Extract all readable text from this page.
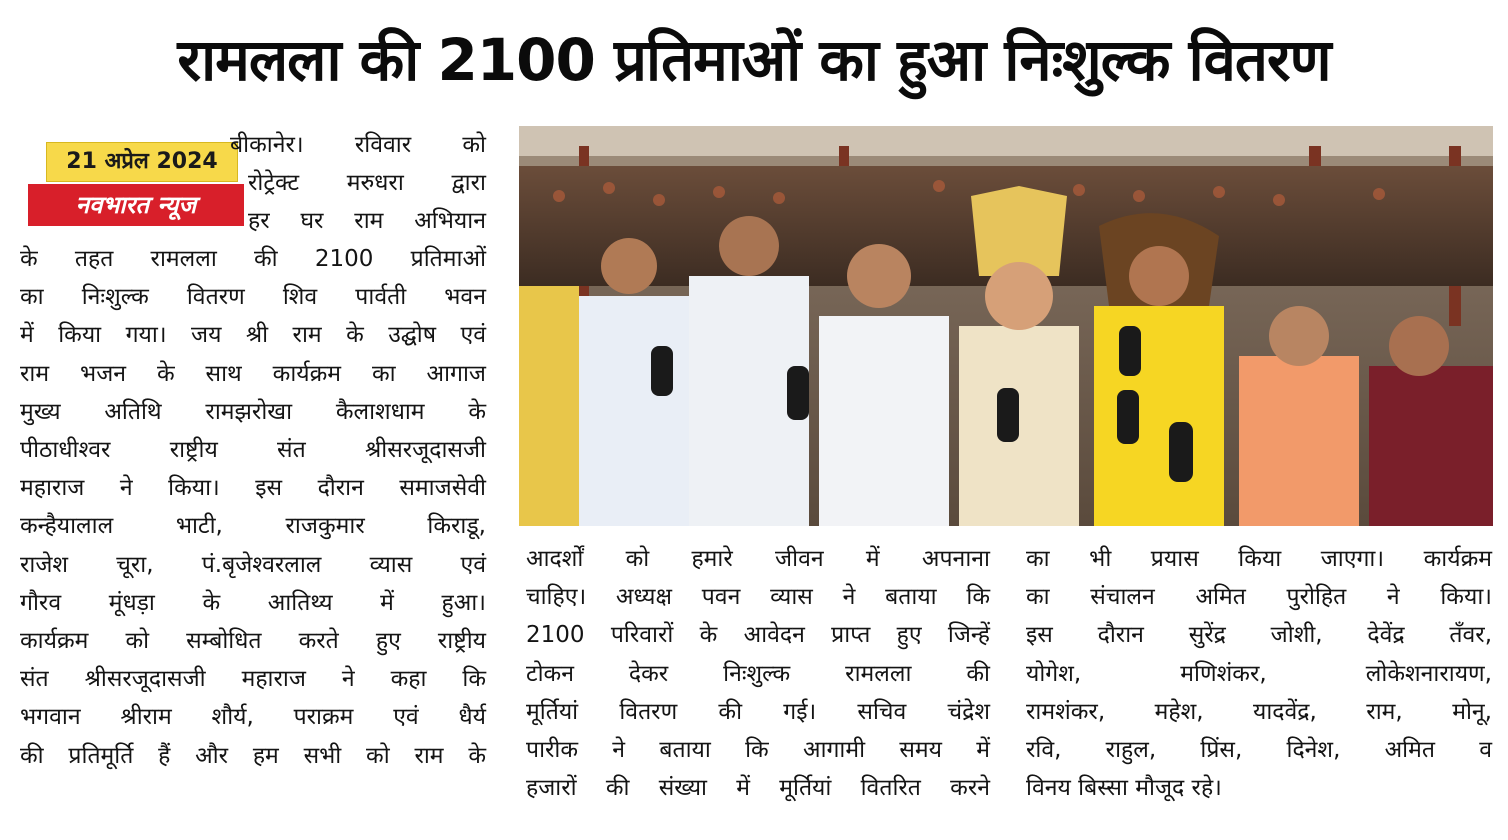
रामलला की 2100 प्रतिमाओं का हुआ निःशुल्क वितरण
21 अप्रेल 2024
नवभारत न्यूज
बीकानेर। रविवार को
रोट्रेक्ट मरुधरा द्वारा
हर घर राम अभियान
के तहत रामलला की 2100 प्रतिमाओं
का निःशुल्क वितरण शिव पार्वती भवन
में किया गया। जय श्री राम के उद्घोष एवं
राम भजन के साथ कार्यक्रम का आगाज
मुख्य अतिथि रामझरोखा कैलाशधाम के
पीठाधीश्वर राष्ट्रीय संत श्रीसरजूदासजी
महाराज ने किया। इस दौरान समाजसेवी
कन्हैयालाल भाटी, राजकुमार किराडू,
राजेश चूरा, पं.बृजेश्वरलाल व्यास एवं
गौरव मूंधड़ा के आतिथ्य में हुआ।
कार्यक्रम को सम्बोधित करते हुए राष्ट्रीय
संत श्रीसरजूदासजी महाराज ने कहा कि
भगवान श्रीराम शौर्य, पराक्रम एवं धैर्य
की प्रतिमूर्ति हैं और हम सभी को राम के
आदर्शों को हमारे जीवन में अपनाना
चाहिए। अध्यक्ष पवन व्यास ने बताया कि
2100 परिवारों के आवेदन प्राप्त हुए जिन्हें
टोकन देकर निःशुल्क रामलला की
मूर्तियां वितरण की गई। सचिव चंद्रेश
पारीक ने बताया कि आगामी समय में
हजारों की संख्या में मूर्तियां वितरित करने
का भी प्रयास किया जाएगा। कार्यक्रम
का संचालन अमित पुरोहित ने किया।
इस दौरान सुरेंद्र जोशी, देवेंद्र तँवर,
योगेश, मणिशंकर, लोकेशनारायण,
रामशंकर, महेश, यादवेंद्र, राम, मोनू,
रवि, राहुल, प्रिंस, दिनेश, अमित व
विनय बिस्सा मौजूद रहे।
